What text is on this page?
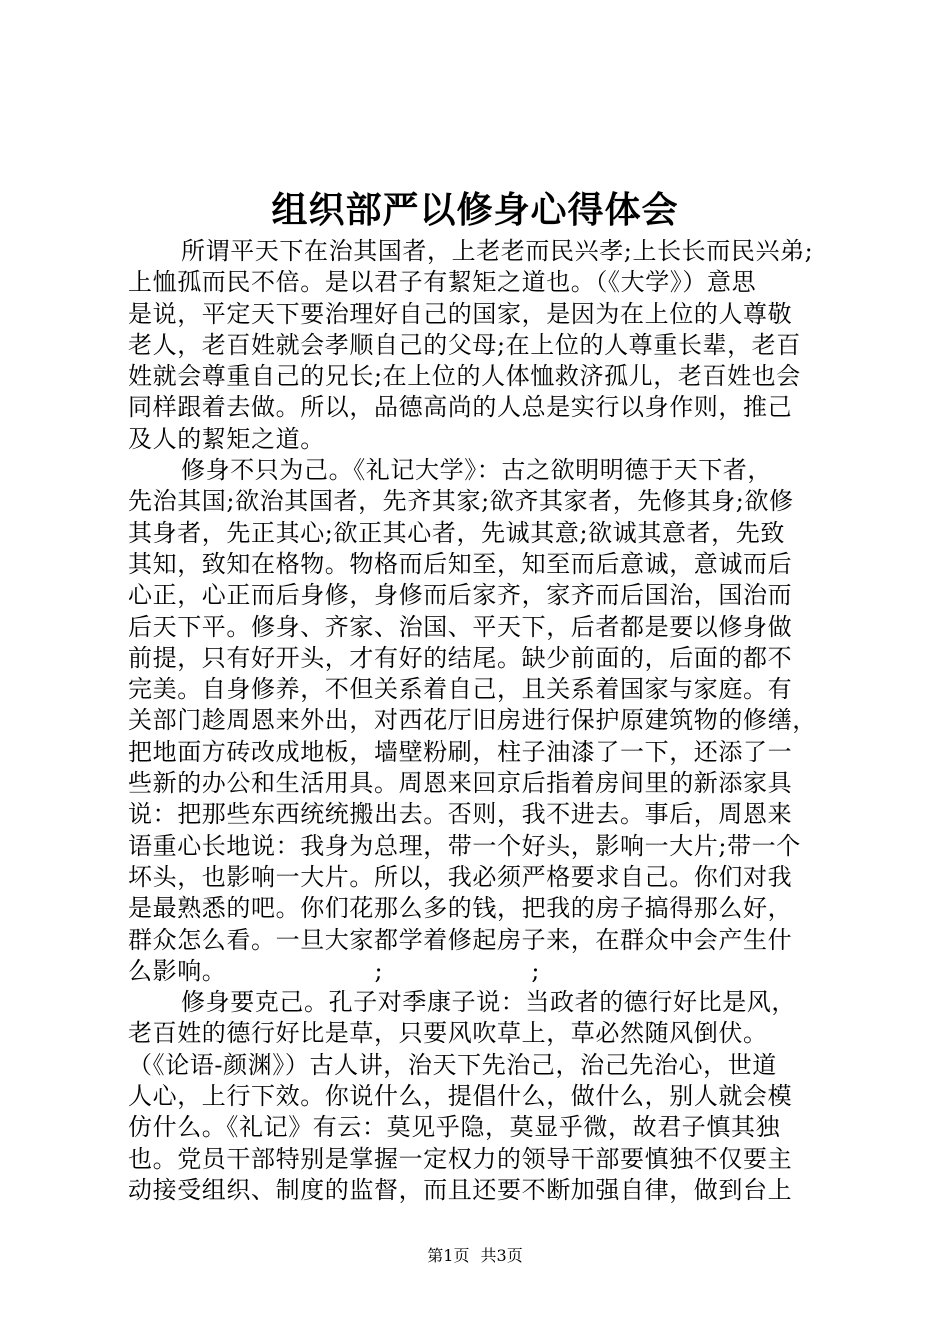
组织部严以修身心得体会
所谓平天下在治其国者，上老老而民兴孝;上长长而民兴弟;
上恤孤而民不倍。是以君子有絜矩之道也。（《大学》）意思
是说，平定天下要治理好自己的国家，是因为在上位的人尊敬
老人，老百姓就会孝顺自己的父母;在上位的人尊重长辈，老百
姓就会尊重自己的兄长;在上位的人体恤救济孤儿，老百姓也会
同样跟着去做。所以，品德高尚的人总是实行以身作则，推己
及人的絜矩之道。
修身不只为己。《礼记大学》：古之欲明明德于天下者，
先治其国;欲治其国者，先齐其家;欲齐其家者，先修其身;欲修
其身者，先正其心;欲正其心者，先诚其意;欲诚其意者，先致
其知，致知在格物。物格而后知至，知至而后意诚，意诚而后
心正，心正而后身修，身修而后家齐，家齐而后国治，国治而
后天下平。修身、齐家、治国、平天下，后者都是要以修身做
前提，只有好开头，才有好的结尾。缺少前面的，后面的都不
完美。自身修养，不但关系着自己，且关系着国家与家庭。有
关部门趁周恩来外出，对西花厅旧房进行保护原建筑物的修缮，
把地面方砖改成地板，墙壁粉刷，柱子油漆了一下，还添了一
些新的办公和生活用具。周恩来回京后指着房间里的新添家具
说：把那些东西统统搬出去。否则，我不进去。事后，周恩来
语重心长地说：我身为总理，带一个好头，影响一大片;带一个
坏头，也影响一大片。所以，我必须严格要求自己。你们对我
是最熟悉的吧。你们花那么多的钱，把我的房子搞得那么好，
群众怎么看。一旦大家都学着修起房子来，在群众中会产生什
么影响。                  ;                  ;
修身要克己。孔子对季康子说：当政者的德行好比是风，
老百姓的德行好比是草，只要风吹草上，草必然随风倒伏。
（《论语-颜渊》）古人讲，治天下先治己，治己先治心，世道
人心，上行下效。你说什么，提倡什么，做什么，别人就会模
仿什么。《礼记》有云：莫见乎隐，莫显乎微，故君子慎其独
也。党员干部特别是掌握一定权力的领导干部要慎独不仅要主
动接受组织、制度的监督，而且还要不断加强自律，做到台上
第1页 共3页
